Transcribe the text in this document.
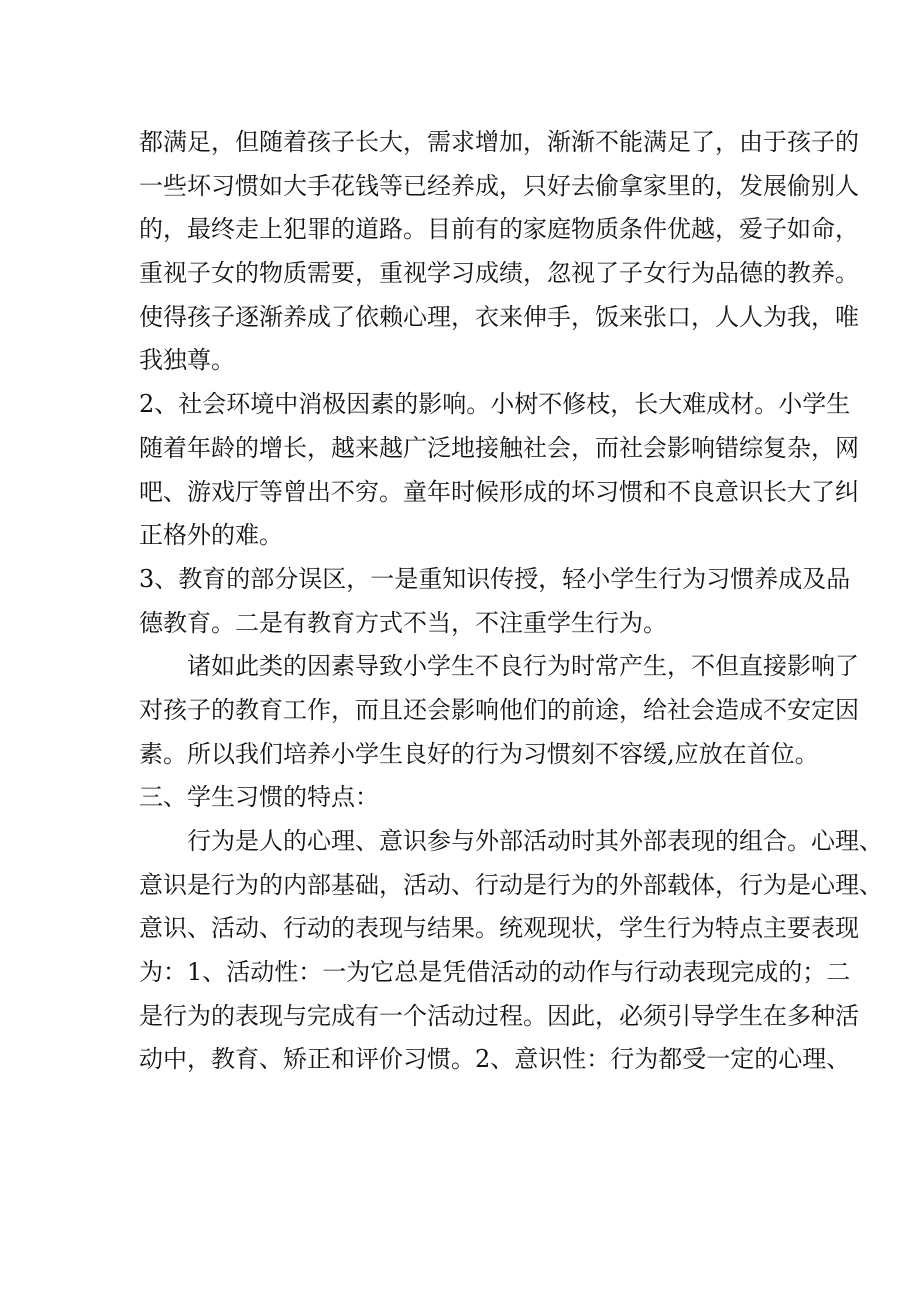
都满足，但随着孩子长大，需求增加，渐渐不能满足了，由于孩子的
一些坏习惯如大手花钱等已经养成，只好去偷拿家里的，发展偷别人
的，最终走上犯罪的道路。目前有的家庭物质条件优越，爱子如命，
重视子女的物质需要，重视学习成绩，忽视了子女行为品德的教养。
使得孩子逐渐养成了依赖心理，衣来伸手，饭来张口，人人为我，唯
我独尊。
2、社会环境中消极因素的影响。小树不修枝，长大难成材。小学生
随着年龄的增长，越来越广泛地接触社会，而社会影响错综复杂，网
吧、游戏厅等曾出不穷。童年时候形成的坏习惯和不良意识长大了纠
正格外的难。
3、教育的部分误区，一是重知识传授，轻小学生行为习惯养成及品
德教育。二是有教育方式不当，不注重学生行为。
诸如此类的因素导致小学生不良行为时常产生，不但直接影响了
对孩子的教育工作，而且还会影响他们的前途，给社会造成不安定因
素。所以我们培养小学生良好的行为习惯刻不容缓,应放在首位。
三、学生习惯的特点：
行为是人的心理、意识参与外部活动时其外部表现的组合。心理、
意识是行为的内部基础，活动、行动是行为的外部载体，行为是心理、
意识、活动、行动的表现与结果。统观现状，学生行为特点主要表现
为：1、活动性：一为它总是凭借活动的动作与行动表现完成的；二
是行为的表现与完成有一个活动过程。因此，必须引导学生在多种活
动中，教育、矫正和评价习惯。2、意识性：行为都受一定的心理、
